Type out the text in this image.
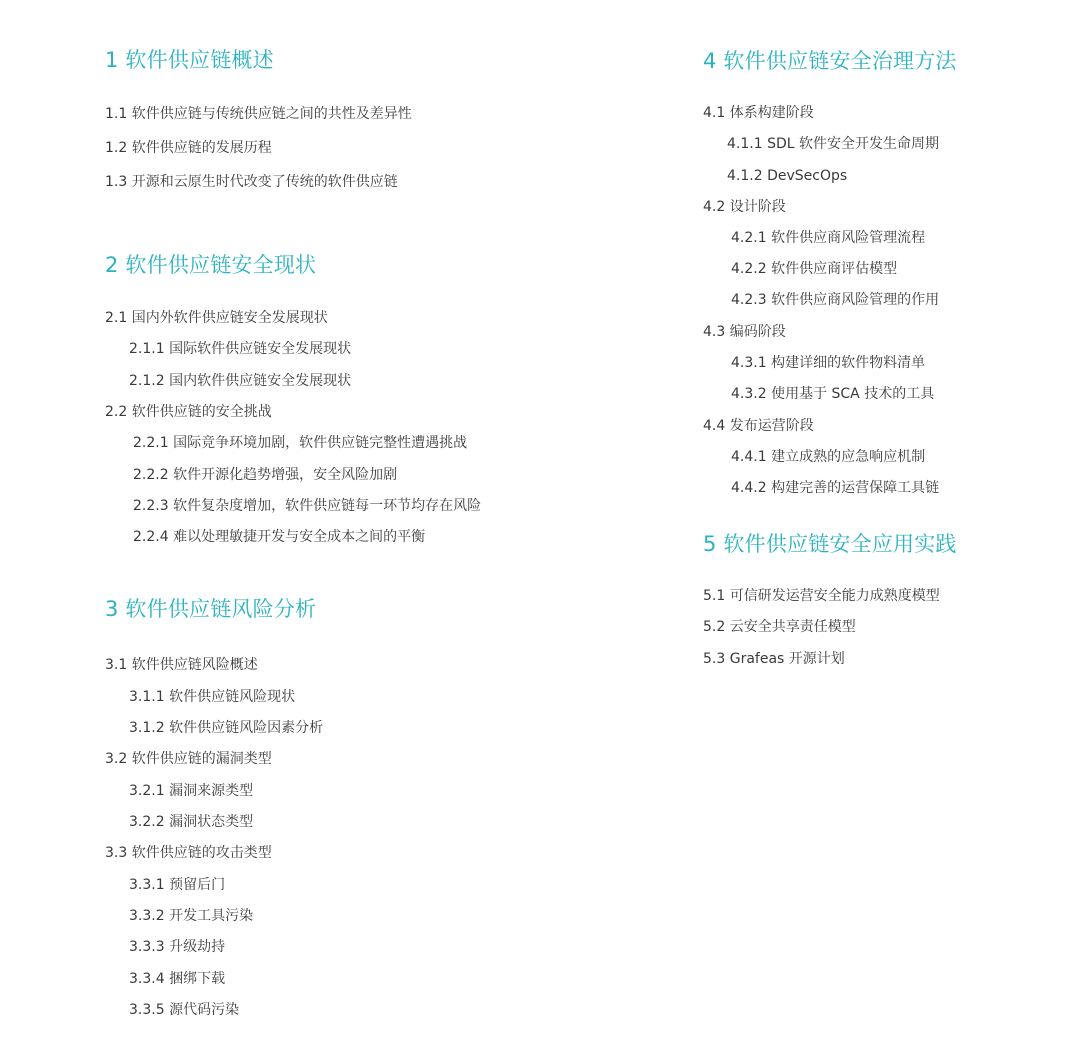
1 软件供应链概述
1.1 软件供应链与传统供应链之间的共性及差异性
1.2 软件供应链的发展历程
1.3 开源和云原生时代改变了传统的软件供应链
2 软件供应链安全现状
2.1 国内外软件供应链安全发展现状
2.1.1 国际软件供应链安全发展现状
2.1.2 国内软件供应链安全发展现状
2.2 软件供应链的安全挑战
2.2.1 国际竞争环境加剧，软件供应链完整性遭遇挑战
2.2.2 软件开源化趋势增强，安全风险加剧
2.2.3 软件复杂度增加，软件供应链每一环节均存在风险
2.2.4 难以处理敏捷开发与安全成本之间的平衡
3 软件供应链风险分析
3.1 软件供应链风险概述
3.1.1 软件供应链风险现状
3.1.2 软件供应链风险因素分析
3.2 软件供应链的漏洞类型
3.2.1 漏洞来源类型
3.2.2 漏洞状态类型
3.3 软件供应链的攻击类型
3.3.1 预留后门
3.3.2 开发工具污染
3.3.3 升级劫持
3.3.4 捆绑下载
3.3.5 源代码污染
4 软件供应链安全治理方法
4.1 体系构建阶段
4.1.1 SDL 软件安全开发生命周期
4.1.2 DevSecOps
4.2 设计阶段
4.2.1 软件供应商风险管理流程
4.2.2 软件供应商评估模型
4.2.3 软件供应商风险管理的作用
4.3 编码阶段
4.3.1 构建详细的软件物料清单
4.3.2 使用基于 SCA 技术的工具
4.4 发布运营阶段
4.4.1 建立成熟的应急响应机制
4.4.2 构建完善的运营保障工具链
5 软件供应链安全应用实践
5.1 可信研发运营安全能力成熟度模型
5.2 云安全共享责任模型
5.3 Grafeas 开源计划
